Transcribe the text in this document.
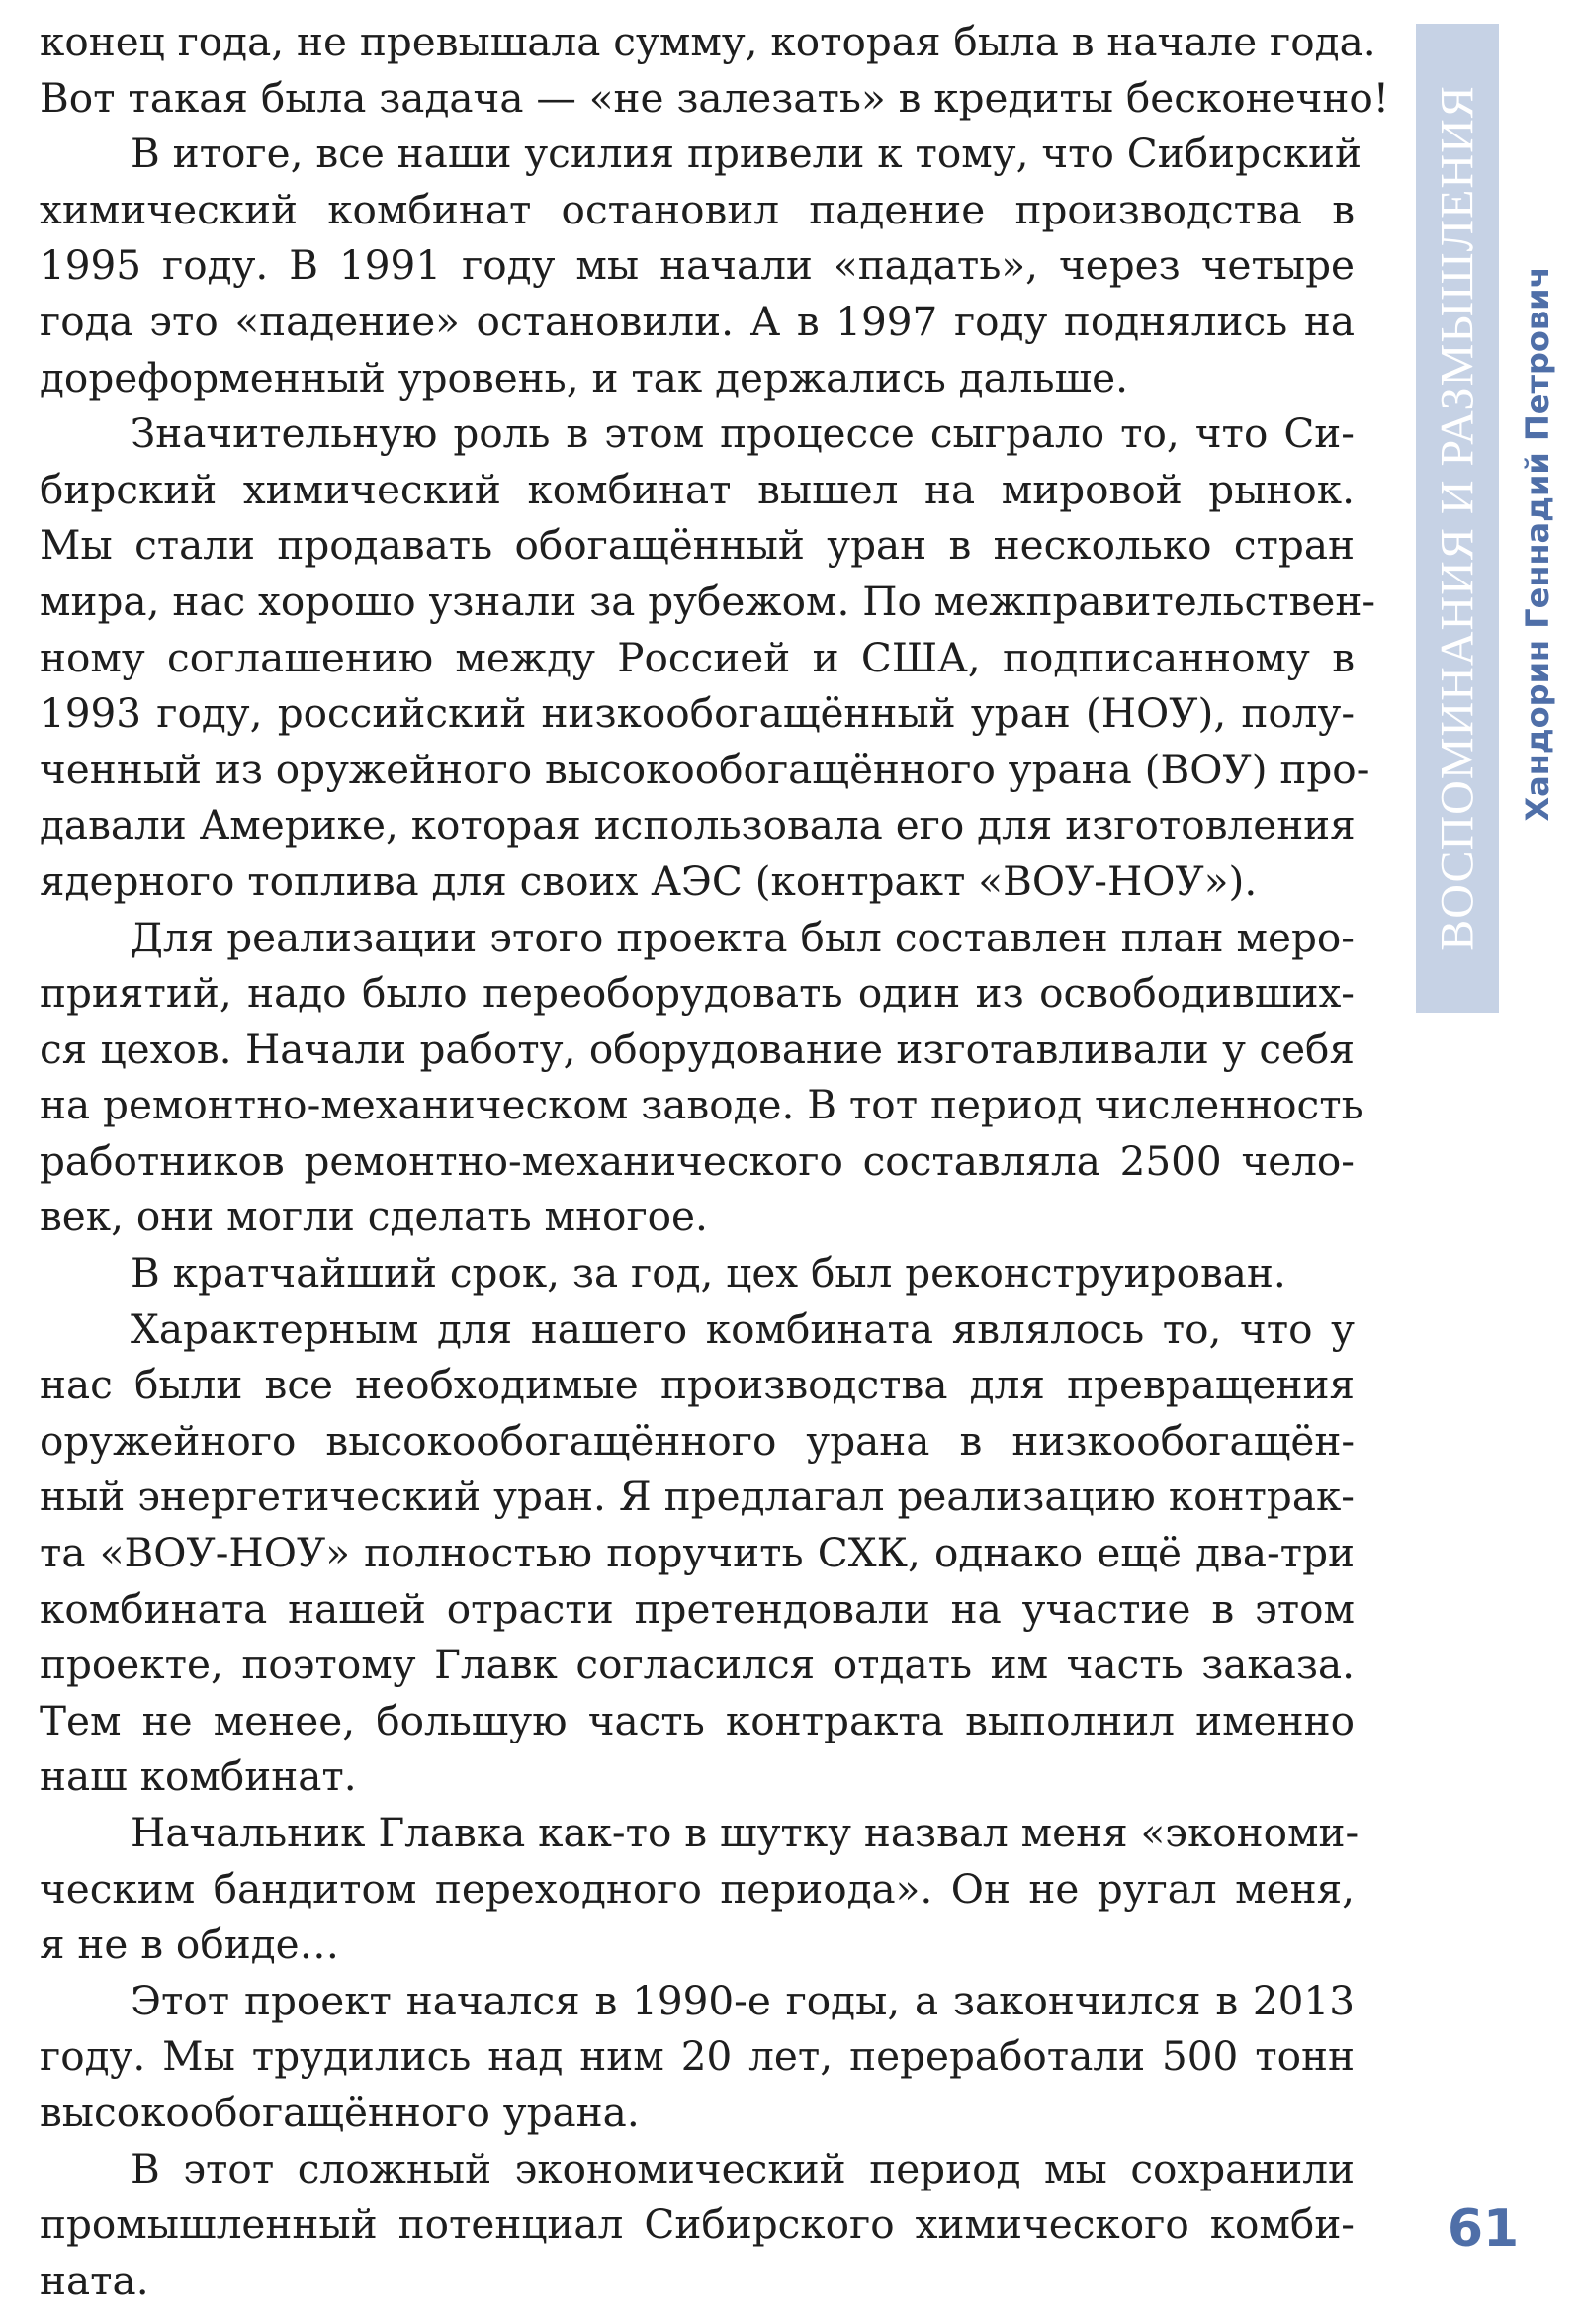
конец года, не превышала сумму, которая была в начале года.
Вот такая была задача — «не залезать» в кредиты бесконечно!
В итоге, все наши усилия привели к тому, что Сибирский
химический комбинат остановил падение производства в
1995 году. В 1991 году мы начали «падать», через четыре
года это «падение» остановили. А в 1997 году поднялись на
дореформенный уровень, и так держались дальше.
Значительную роль в этом процессе сыграло то, что Си-
бирский химический комбинат вышел на мировой рынок.
Мы стали продавать обогащённый уран в несколько стран
мира, нас хорошо узнали за рубежом. По межправительствен-
ному соглашению между Россией и США, подписанному в
1993 году, российский низкообогащённый уран (НОУ), полу-
ченный из оружейного высокообогащённого урана (ВОУ) про-
давали Америке, которая использовала его для изготовления
ядерного топлива для своих АЭС (контракт «ВОУ-НОУ»).
Для реализации этого проекта был составлен план меро-
приятий, надо было переоборудовать один из освободивших-
ся цехов. Начали работу, оборудование изготавливали у себя
на ремонтно-механическом заводе. В тот период численность
работников ремонтно-механического составляла 2500 чело-
век, они могли сделать многое.
В кратчайший срок, за год, цех был реконструирован.
Характерным для нашего комбината являлось то, что у
нас были все необходимые производства для превращения
оружейного высокообогащённого урана в низкообогащён-
ный энергетический уран. Я предлагал реализацию контрак-
та «ВОУ-НОУ» полностью поручить СХК, однако ещё два-три
комбината нашей отрасти претендовали на участие в этом
проекте, поэтому Главк согласился отдать им часть заказа.
Тем не менее, большую часть контракта выполнил именно
наш комбинат.
Начальник Главка как-то в шутку назвал меня «экономи-
ческим бандитом переходного периода». Он не ругал меня,
я не в обиде…
Этот проект начался в 1990-е годы, а закончился в 2013
году. Мы трудились над ним 20 лет, переработали 500 тонн
высокообогащённого урана.
В этот сложный экономический период мы сохранили
промышленный потенциал Сибирского химического комби-
ната.
ВОСПОМИНАНИЯ И РАЗМЫШЛЕНИЯ Хандорин Геннадий Петрович
61
